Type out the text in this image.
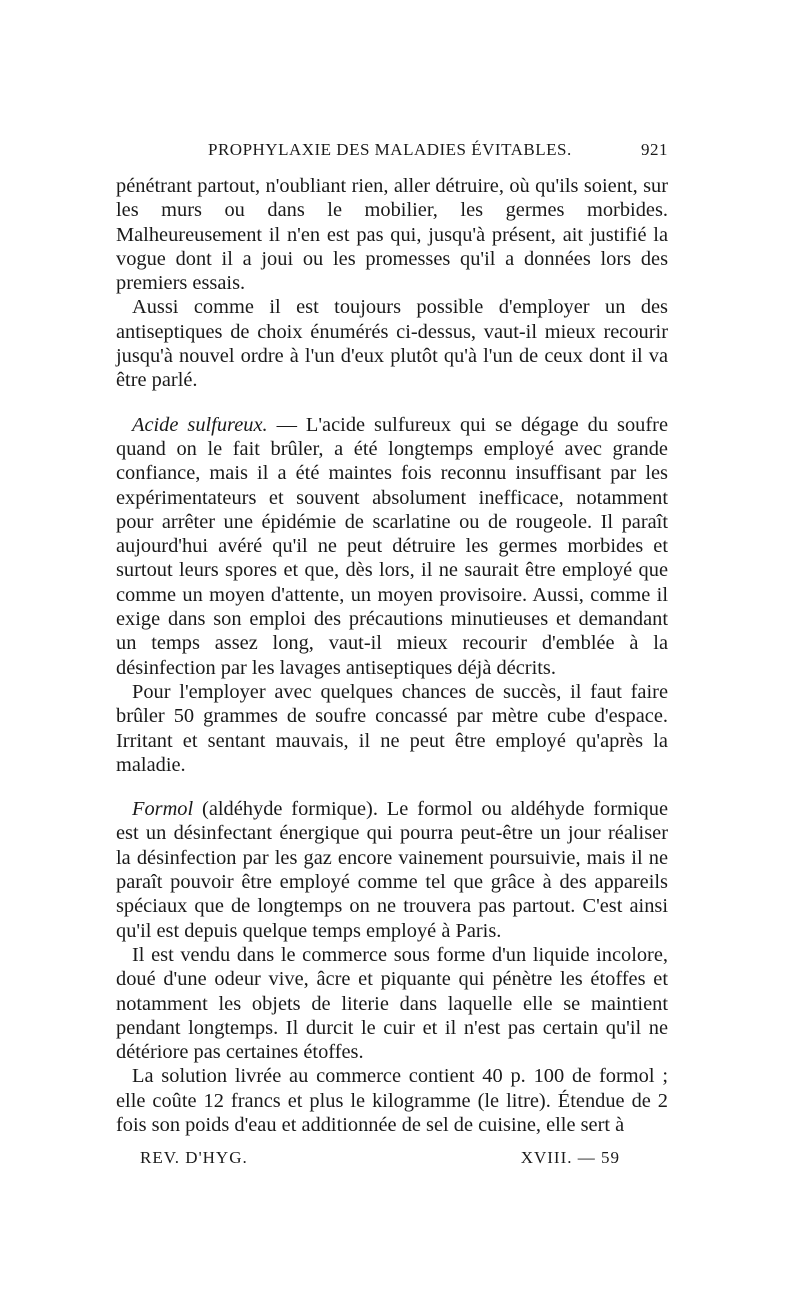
PROPHYLAXIE DES MALADIES ÉVITABLES.	921

pénétrant partout, n'oubliant rien, aller détruire, où qu'ils soient, sur les murs ou dans le mobilier, les germes morbides. Malheureusement il n'en est pas qui, jusqu'à présent, ait justifié la vogue dont il a joui ou les promesses qu'il a données lors des premiers essais.

Aussi comme il est toujours possible d'employer un des antiseptiques de choix énumérés ci-dessus, vaut-il mieux recourir jusqu'à nouvel ordre à l'un d'eux plutôt qu'à l'un de ceux dont il va être parlé.

Acide sulfureux. — L'acide sulfureux qui se dégage du soufre quand on le fait brûler, a été longtemps employé avec grande confiance, mais il a été maintes fois reconnu insuffisant par les expérimentateurs et souvent absolument inefficace, notamment pour arrêter une épidémie de scarlatine ou de rougeole. Il paraît aujourd'hui avéré qu'il ne peut détruire les germes morbides et surtout leurs spores et que, dès lors, il ne saurait être employé que comme un moyen d'attente, un moyen provisoire. Aussi, comme il exige dans son emploi des précautions minutieuses et demandant un temps assez long, vaut-il mieux recourir d'emblée à la désinfection par les lavages antiseptiques déjà décrits.

Pour l'employer avec quelques chances de succès, il faut faire brûler 50 grammes de soufre concassé par mètre cube d'espace. Irritant et sentant mauvais, il ne peut être employé qu'après la maladie.

Formol (aldéhyde formique). Le formol ou aldéhyde formique est un désinfectant énergique qui pourra peut-être un jour réaliser la désinfection par les gaz encore vainement poursuivie, mais il ne paraît pouvoir être employé comme tel que grâce à des appareils spéciaux que de longtemps on ne trouvera pas partout. C'est ainsi qu'il est depuis quelque temps employé à Paris.

Il est vendu dans le commerce sous forme d'un liquide incolore, doué d'une odeur vive, âcre et piquante qui pénètre les étoffes et notamment les objets de literie dans laquelle elle se maintient pendant longtemps. Il durcit le cuir et il n'est pas certain qu'il ne détériore pas certaines étoffes.

La solution livrée au commerce contient 40 p. 100 de formol ; elle coûte 12 francs et plus le kilogramme (le litre). Étendue de 2 fois son poids d'eau et additionnée de sel de cuisine, elle sert à

REV. D'HYG.	XVIII. — 59
